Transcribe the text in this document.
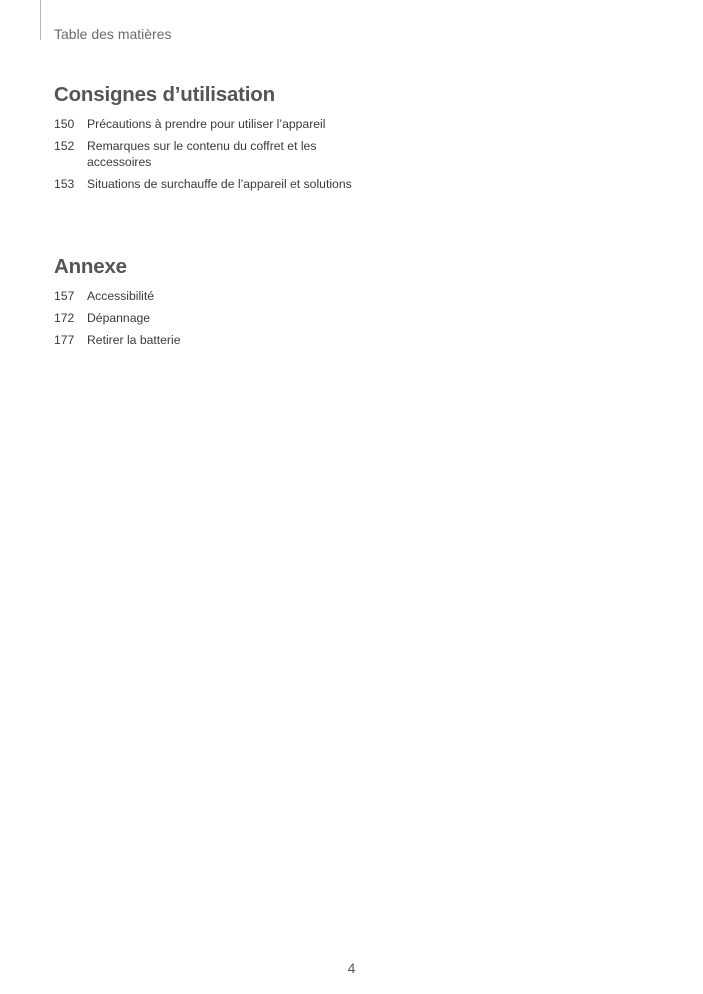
Table des matières
Consignes d’utilisation
150	Précautions à prendre pour utiliser l’appareil
152	Remarques sur le contenu du coffret et les accessoires
153	Situations de surchauffe de l’appareil et solutions
Annexe
157	Accessibilité
172	Dépannage
177	Retirer la batterie
4
